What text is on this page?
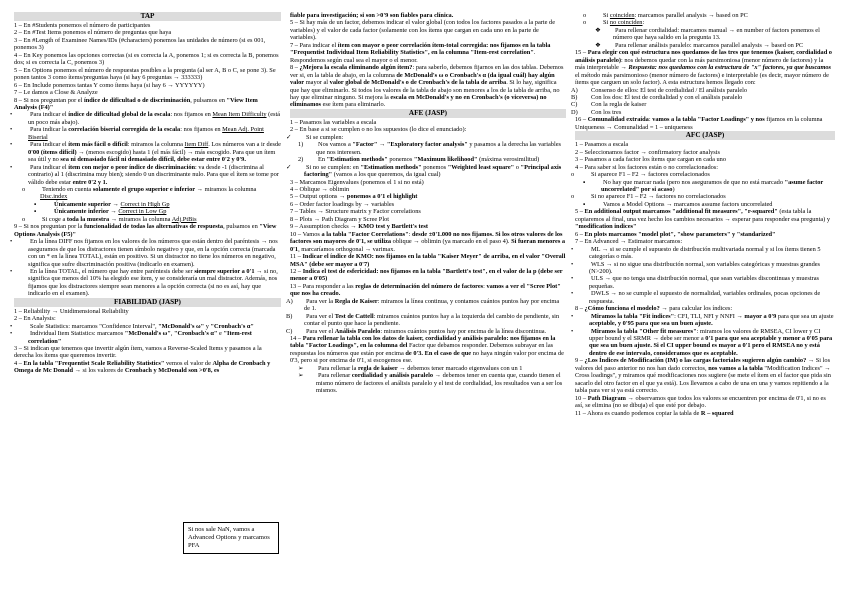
TAP
1 – En #Students ponemos el número de participantes
2 – En #Test Items ponemos el número de preguntas que haya
3 – En #Length of Examinee Names/IDs (#characters) ponemos las unidades de número (si es 001, ponemos 3)
4 – En Key ponemos las opciones correctas (si es correcta la A, ponemos 1; si es correcta la B, ponemos dos; si es correcta la C, ponemos 3)
5 – En Options ponemos el número de respuestas posibles a la pregunta (al ser A, B o C, se pone 3). Se ponen tantos 3 como ítems/preguntas haya (si hay 6 preguntas → 333333)
6 – En Include ponemos tantas Y como ítems haya (si hay 6 → YYYYYY)
7 – Le damos a Close & Analyze
8 – Si nos preguntan por el índice de dificultad o de discriminación, pulsamos en "View Item Analysis (F4)"
•	Para indicar el índice de dificultad global de la escala: nos fijamos en Mean Item Difficulty (está un poco más abajo).
•	Para indicar la correlación biserial corregida de la escala: nos fijamos en Mean Adj. Point Biserial
•	Para indicar el ítem más fácil o difícil: miramos la columna Item Diff. Los números van a ir desde 0'00 (ítems difícil) → (menos escogido) hasta 1 (el más fácil) → más escogido. Para que un ítem sea útil y no sea ni demasiado fácil ni demasiado difícil, debe estar entre 0'2 y 0'9.
•	Para indicar el ítem con mejor o peor índice de discriminación: va desde -1 (discrimina al contrario) al 1 (discrimina muy bien); siendo 0 un discriminante nulo. Para que el ítem se tome por válido debe estar entre 0'2 y 1.
o	Teniendo en cuenta solamente el grupo superior e inferior → miramos la columna Disc.index
▪	Únicamente superior → Correct in High Gp
▪	Únicamente inferior → Correct in Low Gp
o	Si coge a toda la muestra → miramos la columna Adj.PtBis
9 – Si nos preguntan por la funcionalidad de todas las alternativas de respuesta, pulsamos en "View Options Analysis (F5)"
•	En la línea DIFF nos fijamos en los valores de los números que están dentro del paréntesis → nos aseguramos de que los distractores tienen símbolo negativo y que, en la opción correcta (marcada con un * en la línea TOTAL), están en positivo. Si un distractor no tiene los números en negativo, significa que sufre discriminación positiva (indicarlo en examen).
•	En la línea TOTAL, el número que hay entre paréntesis debe ser siempre superior a 0'1 → si no, significa que menos del 10% ha elegido ese ítem, y se consideraría un mal distractor. Además, nos fijamos que los distractores siempre sean menores a la opción correcta (si no es así, hay que indicarlo en el examen).
FIABILIDAD (JASP)
1 – Reliability → Unidimensional Reliability
2 – En Analysis:
•	Scale Statistics: marcamos "Confidence Interval", "McDonald's ω" y "Cronbach's α"
•	Individual Item Statistics: marcamos "McDonald's ω", "Cronbach's α" e "Item-rest correlation"
3 – Si indican que tenemos que invertir algún ítem, vamos a Reverse-Scaled Items y pasamos a la derecha los ítems que queremos invertir.
4 – En la tabla "Frequentist Scale Reliability Statistics" vemos el valor de Alpha de Cronbach y Omega de Mc Donald → si los valores de Cronbach y McDonald son >0'8, es
fiable para investigación; si son >0'9 son fiables para clínica.
5 – Si hay más de un factor, debemos indicar el valor global (con todos los factores pasados a la parte de variables) y el valor de cada factor (solamente con los ítems que cargan en cada uno en la parte de variables).
7 – Para indicar el ítem con mayor o peor correlación ítem-total corregida: nos fijamos en la tabla "Frequentist Individual Item Reliability Statistics", en la columna "Item-rest correlation". Respondemos según cual sea el mayor o el menor.
8 – ¿Mejora la escala eliminando algún ítem?: para saberlo, debemos fijarnos en las dos tablas. Debemos ver si, en la tabla de abajo, en la columna de McDonald's ω o Cronbach's α (da igual cuál) hay algún valor mayor al valor global de McDonald's o de Cronbach's de la tabla de arriba. Si lo hay, significa que hay que eliminarlo. Si todos los valores de la tabla de abajo son menores a los de la tabla de arriba, no hay que eliminar ninguno. Si mejora la escala en McDonald's y no en Cronbach's (o viceversa) no eliminamos ese ítem para eliminarlo.
AFE (JASP)
1 – Pasamos las variables a escala
2 – En base a si se cumplen o no los supuestos (lo dice el enunciado):
✓ Si se cumplen:
1) Nos vamos a "Factor" → "Exploratory factor analysis" y pasamos a la derecha las variables que nos interesen.
2) En "Estimation methods" ponemos "Maximum likelihood" (máxima verosimilitud)
✓ Si no se cumplen: en "Estimation methods" ponemos "Weighted least square" o "Principal axis factoring" (vamos a los que queremos, da igual cual)
3 – Marcamos Eigenvalues (ponemos el 1 si no está)
4 – Oblique → oblimin
5 – Output options → ponemos a 0'1 el highlight
6 – Order factor loadings by → variables
7 – Tables → Structure matrix y Factor correlations
8 – Plots → Path Diagram y Scree Plot
9 – Assumption checks → KMO test y Bartlett's test
10 – Vamos a la tabla "Factor Correlations": desde ±0'1.000 no nos fijamos. Si los otros valores de los factores son mayores de 0'1, se utiliza oblique → oblimin (ya marcado en el paso 4). Si fueran menores a 0'1, marcaríamos orthogonal → varimax.
11 – Indicar el índice de KMO: nos fijamos en la tabla "Kaiser Meyer" de arriba, en el valor "Overall MSA" (debe ser mayor a 0'7)
12 – Indica el test de esfericidad: nos fijamos en la tabla "Bartlett's test", en el valor de la p (debe ser menor a 0'05)
13 – Para responder a las reglas de determinación del número de factores: vamos a ver el "Scree Plot" que nos ha creado.
A) Para ver la Regla de Kaiser: miramos la línea continua, y contamos cuántos puntos hay por encima de 1.
B) Para ver el Test de Cattell: miramos cuántos puntos hay a la izquierda del cambio de pendiente, sin contar el punto que hace la pendiente.
C) Para ver el Análisis Paralelo: miramos cuántos puntos hay por encima de la línea discontinua.
14 – Para rellenar la tabla con los datos de kaiser, cordialidad y análisis paralelo: nos fijamos en la tabla "Factor Loadings", en la columna del Factor que debamos responder. Debemos subrayar en las respuestas los números que están por encima de 0'3. En el caso de que no haya ningún valor por encima de 0'3, pero si por encima de 0'1, si escogemos ese.
➢ Para rellenar la regla de kaiser → debemos tener marcado eigenvalues con un 1
➢ Para rellenar cordialidad y análisis paralelo → debemos tener en cuenta que, cuando tienen el mismo número de factores el análisis paralelo y el test de cordialidad, los resultados van a ser los mismos.
o	Si coinciden: marcamos parallel analysis → based on PC
o	Si no coinciden:
❖ Para rellenar cordialidad: marcamos manual → en number of factors ponemos el número que haya salido en la pregunta 13.
❖ Para rellenar análisis paralelo: marcamos parallel analysis → based on PC
15 – Para elegir con qué estructura nos quedamos de las tres que tenemos (kaiser, cordialidad o análisis paralelo): nos debemos quedar con la más parsimoniosa (menor número de factores) y la más interpretable → Respuesta: nos quedamos con la estructura de "x" factores, ya que buscamos el método más parsimonioso (menor número de factores) e interpretable (es decir, mayor número de ítems que carguen un solo factor). A esta estructura hemos llegado con:
A) Consenso de ellos: El test de cordialidad / El análisis paralelo
B) Con los dos: El test de cordialidad y con el análisis paralelo
C) Con la regla de kaiser
D) Con los tres
16 – Comunalidad extraída: vamos a la tabla "Factor Loadings" y nos fijamos en la columna Uniqueness → Comunalidad = 1 – uniqueness
AFC (JASP)
1 – Pasamos a escala
2 – Seleccionamos factor → confirmatory factor analysis
3 – Pasamos a cada factor los ítems que cargan en cada uno
4 – Para saber si los factores están o no correlacionados:
o	Si aparece F1 – F2 → factores correlacionados
▪	No hay que marcar nada (pero nos aseguramos de que no está marcado "asume factor uncorrelated" por si acaso)
o	Si no aparece F1 – F2 → factores no correlacionados
▪	Vamos a Model Options → marcamos assume factors uncorrelated
5 – En additional output marcamos "additional fit measures", "r-squared" (esta tabla la copiaremos al final, una vez hecho los cambios necesarios → esperar para responder esa pregunta) y "modification indices"
6 – En plots marcamos "model plot", "show parameters" y "standarized"
7 – En Advanced → Estimator marcamos:
•	ML → si se cumple el supuesto de distribución multivariada normal y si los ítems tienen 5 categorías o más.
•	WLS → si no sigue una distribución normal, son variables categóricas y muestras grandes (N>200).
•	ULS → que no tenga una distribución normal, que sean variables discontinuas y muestras pequeñas.
•	DWLS → no se cumple el supuesto de normalidad, variables ordinales, pocas opciones de respuesta.
8 – ¿Cómo funciona el modelo? → para calcular los índices:
•	Miramos la tabla "Fit indices": CFI, TLI, NFI y NNFI → mayor a 0'9 para que sea un ajuste aceptable, y 0'95 para que sea un buen ajuste.
•	Miramos la tabla "Other fit measures": miramos los valores de RMSEA, CI lower y CI upper bound y el SRMR → debe ser menor a 0'1 para que sea aceptable y menor a 0'05 para que sea un buen ajuste. Si el CI upper bound es mayor a 0'1 pero el RMSEA no y está dentro de ese intervalo, consideramos que es aceptable.
9 – ¿Los Índices de Modificación (IM) o las cargas factoriales sugieren algún cambio? → Si los valores del paso anterior no nos han dado correctos, nos vamos a la tabla "Modification Indices" → Cross loadings", y miramos qué modificaciones nos sugiere (se mete el ítem en el factor que pida sin sacarlo del otro factor en el que ya está). Los llevamos a cabo de una en una y vamos repitiendo a la tabla para ver si ya está correcto.
10 – Path Diagram → observamos que todos los valores se encuentren por encima de 0'1, si no es así, se elimina (no se dibuja) el que esté por debajo.
11 – Ahora es cuando podemos copiar la tabla de R – squared
Si nos sale NaN, vamos a Advanced Options y marcamos PFA
